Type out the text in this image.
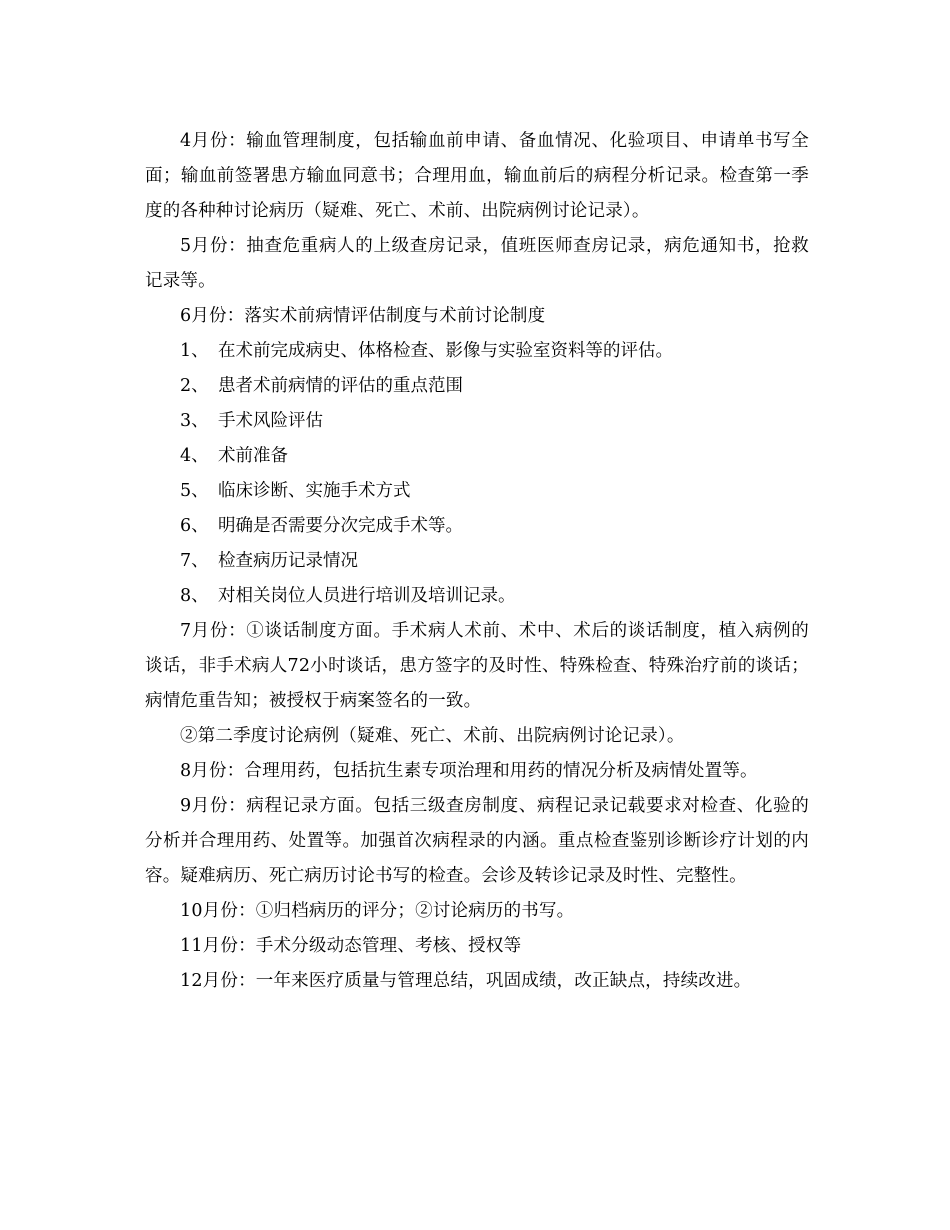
4月份：输血管理制度，包括输血前申请、备血情况、化验项目、申请单书写全面；输血前签署患方输血同意书；合理用血，输血前后的病程分析记录。检查第一季度的各种种讨论病历（疑难、死亡、术前、出院病例讨论记录）。

5月份：抽查危重病人的上级查房记录，值班医师查房记录，病危通知书，抢救记录等。

6月份：落实术前病情评估制度与术前讨论制度

1、 在术前完成病史、体格检查、影像与实验室资料等的评估。

2、 患者术前病情的评估的重点范围

3、 手术风险评估

4、 术前准备

5、 临床诊断、实施手术方式

6、 明确是否需要分次完成手术等。

7、 检查病历记录情况

8、 对相关岗位人员进行培训及培训记录。

7月份：①谈话制度方面。手术病人术前、术中、术后的谈话制度，植入病例的谈话，非手术病人72小时谈话，患方签字的及时性、特殊检查、特殊治疗前的谈话；病情危重告知；被授权于病案签名的一致。

②第二季度讨论病例（疑难、死亡、术前、出院病例讨论记录）。

8月份：合理用药，包括抗生素专项治理和用药的情况分析及病情处置等。

9月份：病程记录方面。包括三级查房制度、病程记录记载要求对检查、化验的分析并合理用药、处置等。加强首次病程录的内涵。重点检查鉴别诊断诊疗计划的内容。疑难病历、死亡病历讨论书写的检查。会诊及转诊记录及时性、完整性。

10月份：①归档病历的评分；②讨论病历的书写。

11月份：手术分级动态管理、考核、授权等

12月份：一年来医疗质量与管理总结，巩固成绩，改正缺点，持续改进。
